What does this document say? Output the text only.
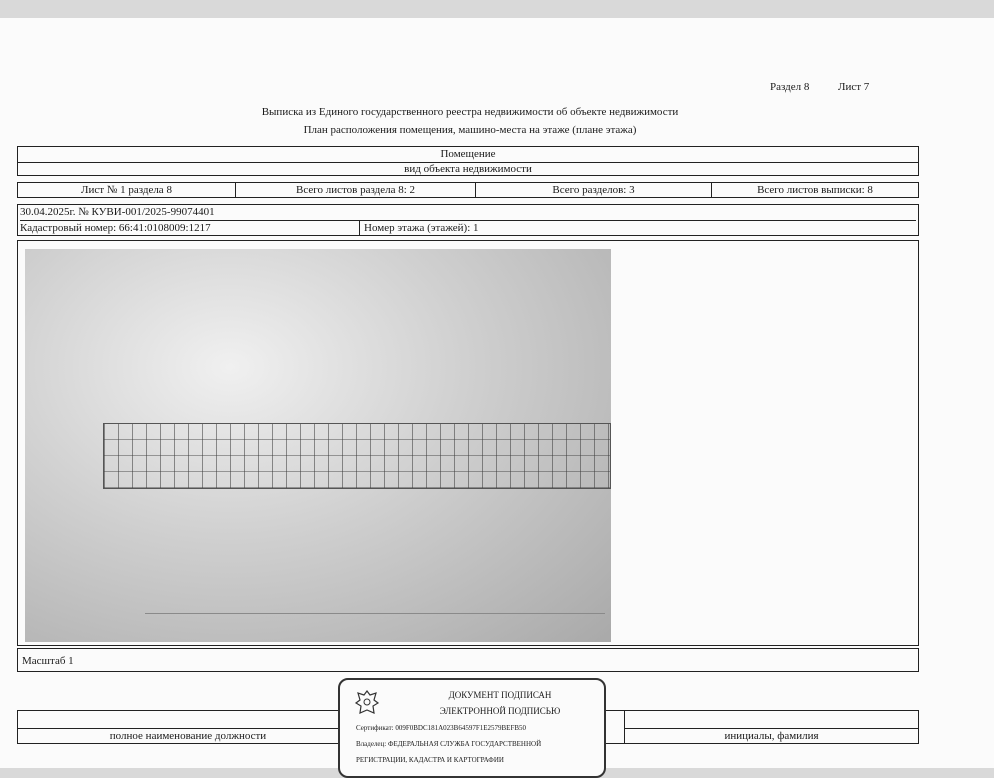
Раздел 8	Лист 7
Выписка из Единого государственного реестра недвижимости об объекте недвижимости
План расположения помещения, машино-места на этаже (плане этажа)
Помещение
вид объекта недвижимости
Лист № 1 раздела 8	Всего листов раздела 8: 2	Всего разделов: 3	Всего листов выписки: 8
30.04.2025г. № КУВИ-001/2025-99074401
Кадастровый номер: 66:41:0108009:1217	Номер этажа (этажей): 1
Масштаб 1
полное наименование должности	инициалы, фамилия
ДОКУМЕНТ ПОДПИСАН
ЭЛЕКТРОННОЙ ПОДПИСЬЮ
Сертификат: 009F0BDC181A023B64597F1E2579BEFB50
Владелец: ФЕДЕРАЛЬНАЯ СЛУЖБА ГОСУДАРСТВЕННОЙ
РЕГИСТРАЦИИ, КАДАСТРА И КАРТОГРАФИИ
